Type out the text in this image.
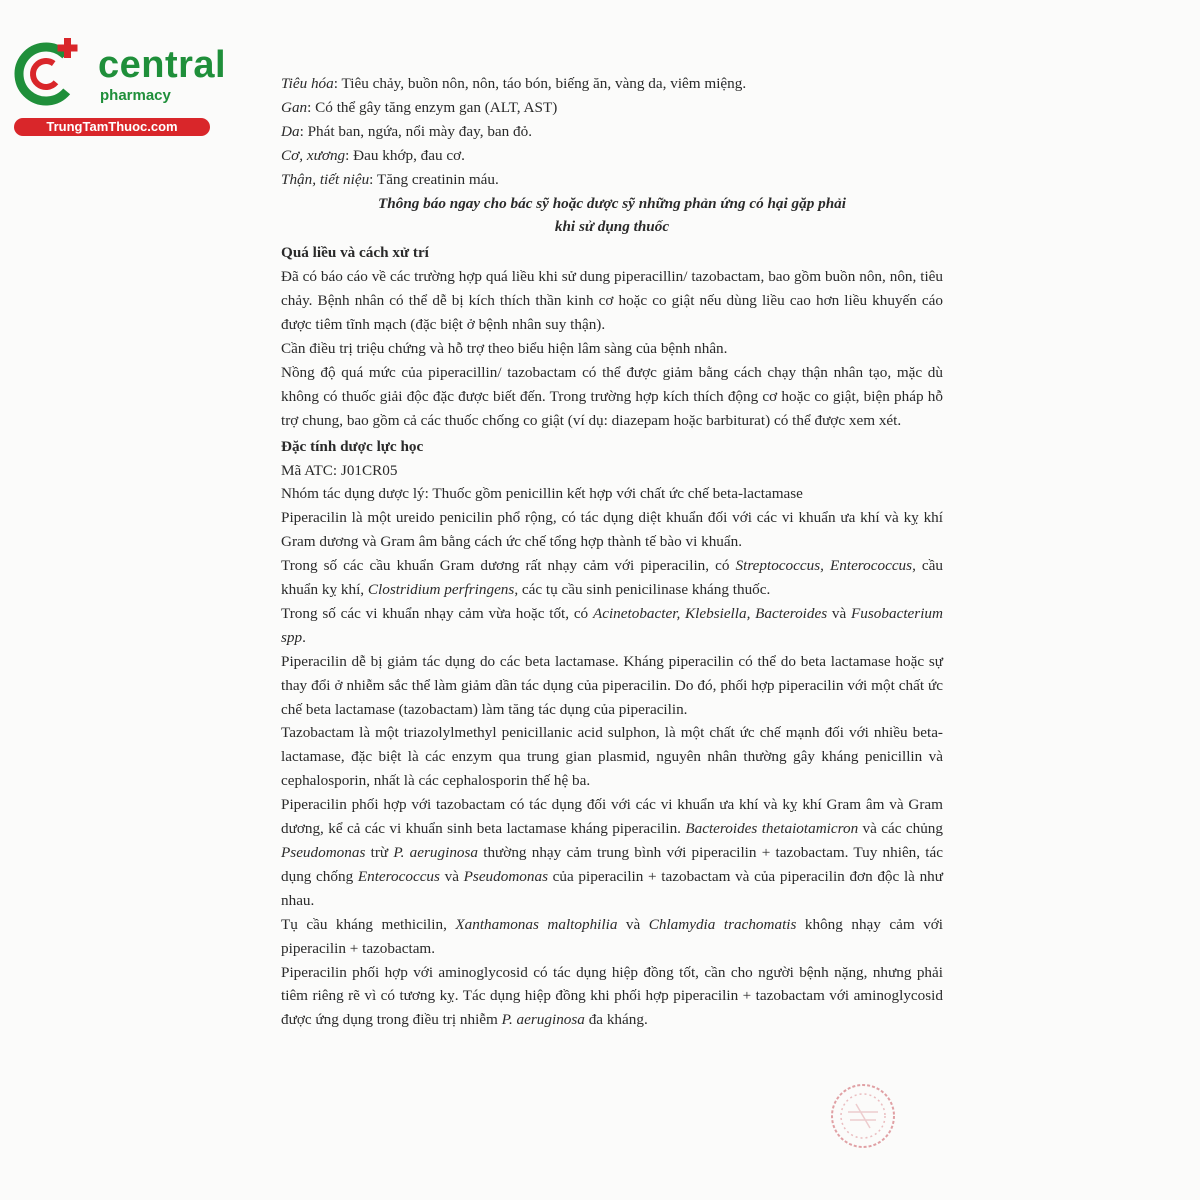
central
pharmacy
TrungTamThuoc.com

Tiêu hóa: Tiêu chảy, buồn nôn, nôn, táo bón, biếng ăn, vàng da, viêm miệng.

Gan: Có thể gây tăng enzym gan (ALT, AST)

Da: Phát ban, ngứa, nổi mày đay, ban đỏ.

Cơ, xương: Đau khớp, đau cơ.

Thận, tiết niệu: Tăng creatinin máu.

Thông báo ngay cho bác sỹ hoặc dược sỹ những phản ứng có hại gặp phải
khi sử dụng thuốc

Quá liều và cách xử trí

Đã có báo cáo về các trường hợp quá liều khi sử dung piperacillin/ tazobactam, bao gồm buồn nôn, nôn, tiêu chảy. Bệnh nhân có thể dễ bị kích thích thần kinh cơ hoặc co giật nếu dùng liều cao hơn liều khuyến cáo được tiêm tĩnh mạch (đặc biệt ở bệnh nhân suy thận).

Cần điều trị triệu chứng và hỗ trợ theo biểu hiện lâm sàng của bệnh nhân.

Nồng độ quá mức của piperacillin/ tazobactam có thể được giảm bằng cách chạy thận nhân tạo, mặc dù không có thuốc giải độc đặc được biết đến. Trong trường hợp kích thích động cơ hoặc co giật, biện pháp hỗ trợ chung, bao gồm cả các thuốc chống co giật (ví dụ: diazepam hoặc barbiturat) có thể được xem xét.

Đặc tính dược lực học

Mã ATC: J01CR05

Nhóm tác dụng dược lý: Thuốc gồm penicillin kết hợp với chất ức chế beta-lactamase

Piperacilin là một ureido penicilin phổ rộng, có tác dụng diệt khuẩn đối với các vi khuẩn ưa khí và kỵ khí Gram dương và Gram âm bằng cách ức chế tổng hợp thành tế bào vi khuẩn.

Trong số các cầu khuẩn Gram dương rất nhạy cảm với piperacilin, có Streptococcus, Enterococcus, cầu khuẩn kỵ khí, Clostridium perfringens, các tụ cầu sinh penicilinase kháng thuốc.

Trong số các vi khuẩn nhạy cảm vừa hoặc tốt, có Acinetobacter, Klebsiella, Bacteroides và Fusobacterium spp.

Piperacilin dễ bị giảm tác dụng do các beta lactamase. Kháng piperacilin có thể do beta lactamase hoặc sự thay đổi ở nhiễm sắc thể làm giảm dần tác dụng của piperacilin. Do đó, phối hợp piperacilin với một chất ức chế beta lactamase (tazobactam) làm tăng tác dụng của piperacilin.

Tazobactam là một triazolylmethyl penicillanic acid sulphon, là một chất ức chế mạnh đối với nhiều beta-lactamase, đặc biệt là các enzym qua trung gian plasmid, nguyên nhân thường gây kháng penicillin và cephalosporin, nhất là các cephalosporin thế hệ ba.

Piperacilin phối hợp với tazobactam có tác dụng đối với các vi khuẩn ưa khí và kỵ khí Gram âm và Gram dương, kể cả các vi khuẩn sinh beta lactamase kháng piperacilin. Bacteroides thetaiotamicron và các chủng Pseudomonas trừ P. aeruginosa thường nhạy cảm trung bình với piperacilin + tazobactam. Tuy nhiên, tác dụng chống Enterococcus và Pseudomonas của piperacilin + tazobactam và của piperacilin đơn độc là như nhau.

Tụ cầu kháng methicilin, Xanthamonas maltophilia và Chlamydia trachomatis không nhạy cảm với piperacilin + tazobactam.

Piperacilin phối hợp với aminoglycosid có tác dụng hiệp đồng tốt, cần cho người bệnh nặng, nhưng phải tiêm riêng rẽ vì có tương kỵ. Tác dụng hiệp đồng khi phối hợp piperacilin + tazobactam với aminoglycosid được ứng dụng trong điều trị nhiễm P. aeruginosa đa kháng.
